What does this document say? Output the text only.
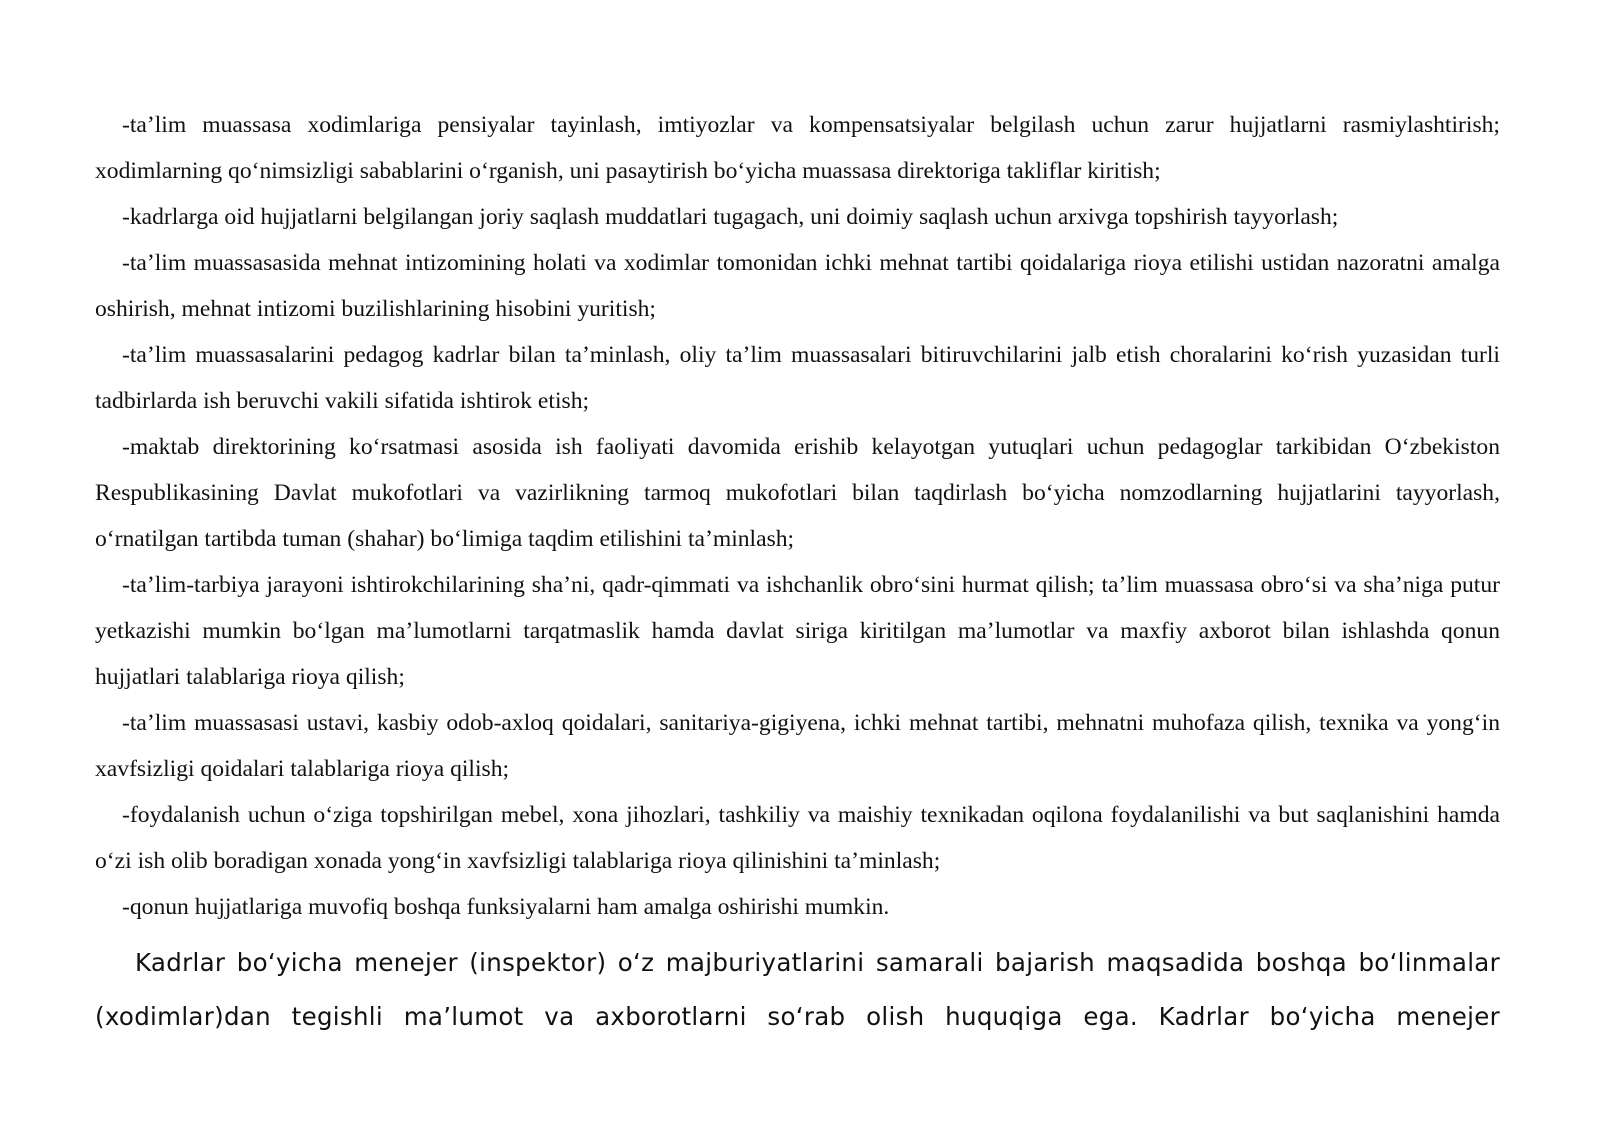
-ta’lim muassasa xodimlariga pensiyalar tayinlash, imtiyozlar va kompensatsiyalar belgilash uchun zarur hujjatlarni rasmiylashtirish; xodimlarning qo‘nimsizligi sabablarini o‘rganish, uni pasaytirish bo‘yicha muassasa direktoriga takliflar kiritish;

-kadrlarga oid hujjatlarni belgilangan joriy saqlash muddatlari tugagach, uni doimiy saqlash uchun arxivga topshirish tayyorlash;

-ta’lim muassasasida mehnat intizomining holati va xodimlar tomonidan ichki mehnat tartibi qoidalariga rioya etilishi ustidan nazoratni amalga oshirish, mehnat intizomi buzilishlarining hisobini yuritish;

-ta’lim muassasalarini pedagog kadrlar bilan ta’minlash, oliy ta’lim muassasalari bitiruvchilarini jalb etish choralarini ko‘rish yuzasidan turli tadbirlarda ish beruvchi vakili sifatida ishtirok etish;

-maktab direktorining ko‘rsatmasi asosida ish faoliyati davomida erishib kelayotgan yutuqlari uchun pedagoglar tarkibidan O‘zbekiston Respublikasining Davlat mukofotlari va vazirlikning tarmoq mukofotlari bilan taqdirlash bo‘yicha nomzodlarning hujjatlarini tayyorlash, o‘rnatilgan tartibda tuman (shahar) bo‘limiga taqdim etilishini ta’minlash;

-ta’lim-tarbiya jarayoni ishtirokchilarining sha’ni, qadr-qimmati va ishchanlik obro‘sini hurmat qilish; ta’lim muassasa obro‘si va sha’niga putur yetkazishi mumkin bo‘lgan ma’lumotlarni tarqatmaslik hamda davlat siriga kiritilgan ma’lumotlar va maxfiy axborot bilan ishlashda qonun hujjatlari talablariga rioya qilish;

-ta’lim muassasasi ustavi, kasbiy odob-axloq qoidalari, sanitariya-gigiyena, ichki mehnat tartibi, mehnatni muhofaza qilish, texnika va yong‘in xavfsizligi qoidalari talablariga rioya qilish;

-foydalanish uchun o‘ziga topshirilgan mebel, xona jihozlari, tashkiliy va maishiy texnikadan oqilona foydalanilishi va but saqlanishini hamda o‘zi ish olib boradigan xonada yong‘in xavfsizligi talablariga rioya qilinishini ta’minlash;

-qonun hujjatlariga muvofiq boshqa funksiyalarni ham amalga oshirishi mumkin.

Kadrlar bo‘yicha menejer (inspektor) o‘z majburiyatlarini samarali bajarish maqsadida boshqa bo‘linmalar (xodimlar)dan tegishli ma’lumot va axborotlarni so‘rab olish huquqiga ega. Kadrlar bo‘yicha menejer
